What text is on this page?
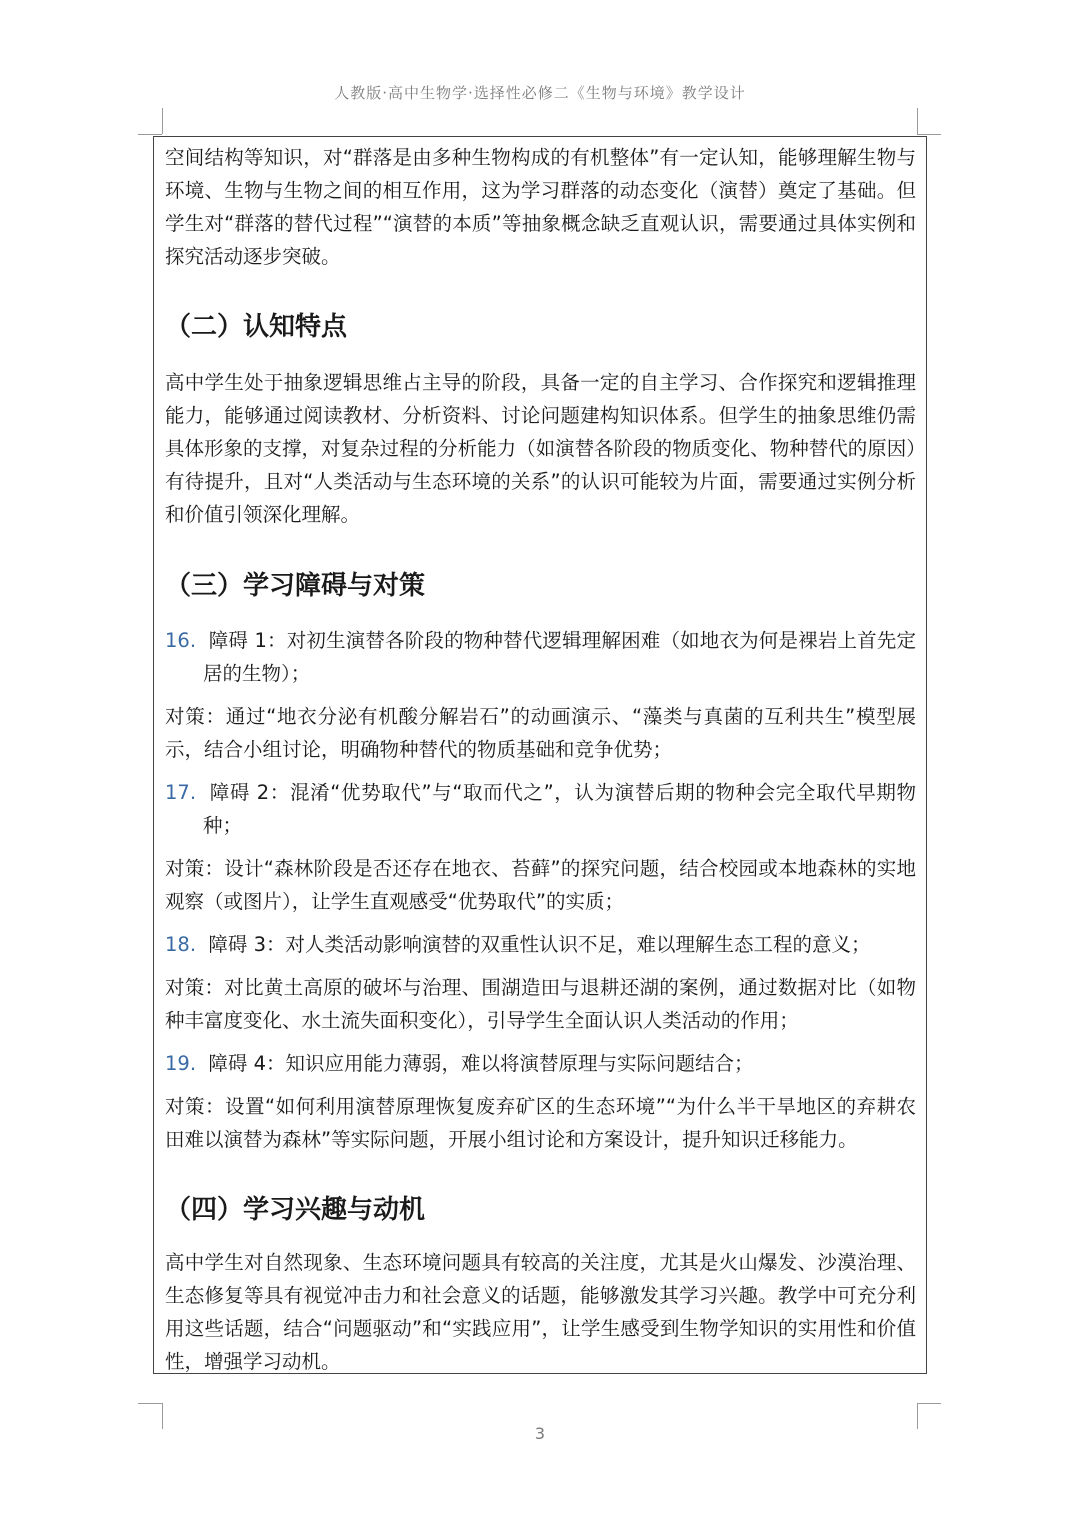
人教版·高中生物学·选择性必修二《生物与环境》教学设计

空间结构等知识，对“群落是由多种生物构成的有机整体”有一定认知，能够理解生物与环境、生物与生物之间的相互作用，这为学习群落的动态变化（演替）奠定了基础。但学生对“群落的替代过程”“演替的本质”等抽象概念缺乏直观认识，需要通过具体实例和探究活动逐步突破。

（二）认知特点

高中学生处于抽象逻辑思维占主导的阶段，具备一定的自主学习、合作探究和逻辑推理能力，能够通过阅读教材、分析资料、讨论问题建构知识体系。但学生的抽象思维仍需具体形象的支撑，对复杂过程的分析能力（如演替各阶段的物质变化、物种替代的原因）有待提升，且对“人类活动与生态环境的关系”的认识可能较为片面，需要通过实例分析和价值引领深化理解。

（三）学习障碍与对策

16. 障碍 1：对初生演替各阶段的物种替代逻辑理解困难（如地衣为何是裸岩上首先定居的生物）；

对策：通过“地衣分泌有机酸分解岩石”的动画演示、“藻类与真菌的互利共生”模型展示，结合小组讨论，明确物种替代的物质基础和竞争优势；

17. 障碍 2：混淆“优势取代”与“取而代之”，认为演替后期的物种会完全取代早期物种；

对策：设计“森林阶段是否还存在地衣、苔藓”的探究问题，结合校园或本地森林的实地观察（或图片），让学生直观感受“优势取代”的实质；

18. 障碍 3：对人类活动影响演替的双重性认识不足，难以理解生态工程的意义；

对策：对比黄土高原的破坏与治理、围湖造田与退耕还湖的案例，通过数据对比（如物种丰富度变化、水土流失面积变化），引导学生全面认识人类活动的作用；

19. 障碍 4：知识应用能力薄弱，难以将演替原理与实际问题结合；

对策：设置“如何利用演替原理恢复废弃矿区的生态环境”“为什么半干旱地区的弃耕农田难以演替为森林”等实际问题，开展小组讨论和方案设计，提升知识迁移能力。

（四）学习兴趣与动机

高中学生对自然现象、生态环境问题具有较高的关注度，尤其是火山爆发、沙漠治理、生态修复等具有视觉冲击力和社会意义的话题，能够激发其学习兴趣。教学中可充分利用这些话题，结合“问题驱动”和“实践应用”，让学生感受到生物学知识的实用性和价值性，增强学习动机。

3
